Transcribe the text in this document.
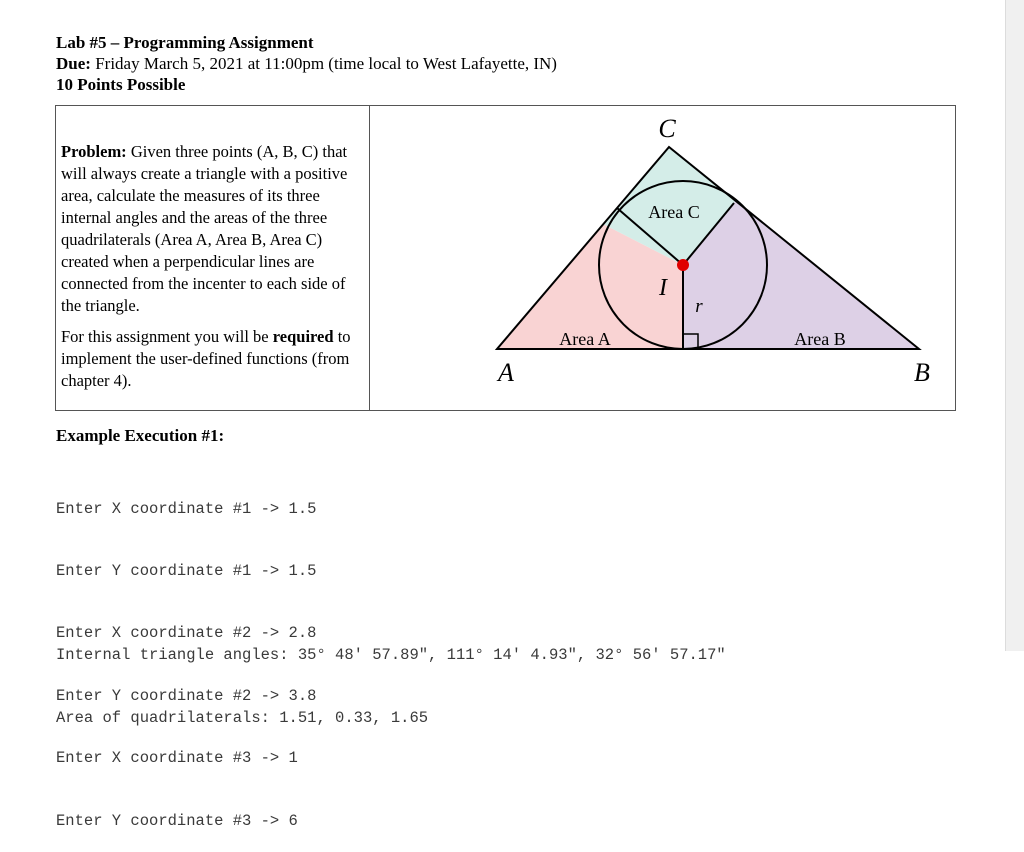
Lab #5 – Programming Assignment
Due: Friday March 5, 2021 at 11:00pm (time local to West Lafayette, IN)
10 Points Possible

Problem: Given three points (A, B, C) that will always create a triangle with a positive area, calculate the measures of its three internal angles and the areas of the three quadrilaterals (Area A, Area B, Area C) created when a perpendicular lines are connected from the incenter to each side of the triangle.

For this assignment you will be required to implement the user-defined functions (from chapter 4).	A	B
C
I
r
Area A	Area B
Area C
Example Execution #1:

Enter X coordinate #1 -> 1.5

Enter Y coordinate #1 -> 1.5

Enter X coordinate #2 -> 2.8

Enter Y coordinate #2 -> 3.8

Enter X coordinate #3 -> 1

Enter Y coordinate #3 -> 6

Internal triangle angles: 35° 48' 57.89", 111° 14' 4.93", 32° 56' 57.17"

Area of quadrilaterals: 1.51, 0.33, 1.65
